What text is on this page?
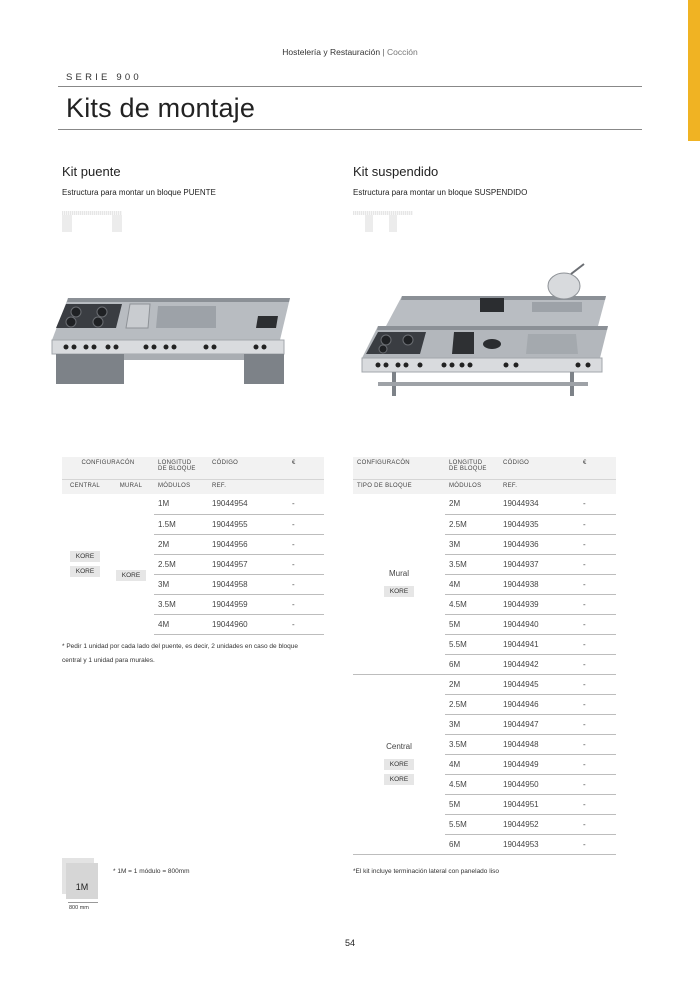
Hostelería y Restauración | Cocción
SERIE 900
Kits de montaje
Kit puente
Estructura para montar un bloque PUENTE
CONFIGURACÓN		LONGITUD
DE BLOQUE	CÓDIGO	€
CENTRAL	MURAL	MÓDULOS	REF.	
KORE
KORE	KORE	1M	19044954	-
		1.5M	19044955	-
		2M	19044956	-
		2.5M	19044957	-
		3M	19044958	-
		3.5M	19044959	-
		4M	19044960	-
* Pedir 1 unidad por cada lado del puente, es decir, 2 unidades en caso de bloque
central y 1 unidad para murales.
Kit suspendido
Estructura para montar un bloque SUSPENDIDO
CONFIGURACÓN	LONGITUD
DE BLOQUE	CÓDIGO	€
TIPO DE BLOQUE	MÓDULOS	REF.	

Mural
KORE	2M	19044934	-
	2.5M	19044935	-
	3M	19044936	-
	3.5M	19044937	-
	4M	19044938	-
	4.5M	19044939	-
	5M	19044940	-
	5.5M	19044941	-
	6M	19044942	-

Central
KORE
KORE	2M	19044945	-
	2.5M	19044946	-
	3M	19044947	-
	3.5M	19044948	-
	4M	19044949	-
	4.5M	19044950	-
	5M	19044951	-
	5.5M	19044952	-
	6M	19044953	-
*El kit incluye terminación lateral con panelado liso
1M
800 mm
* 1M = 1 módulo = 800mm
54
